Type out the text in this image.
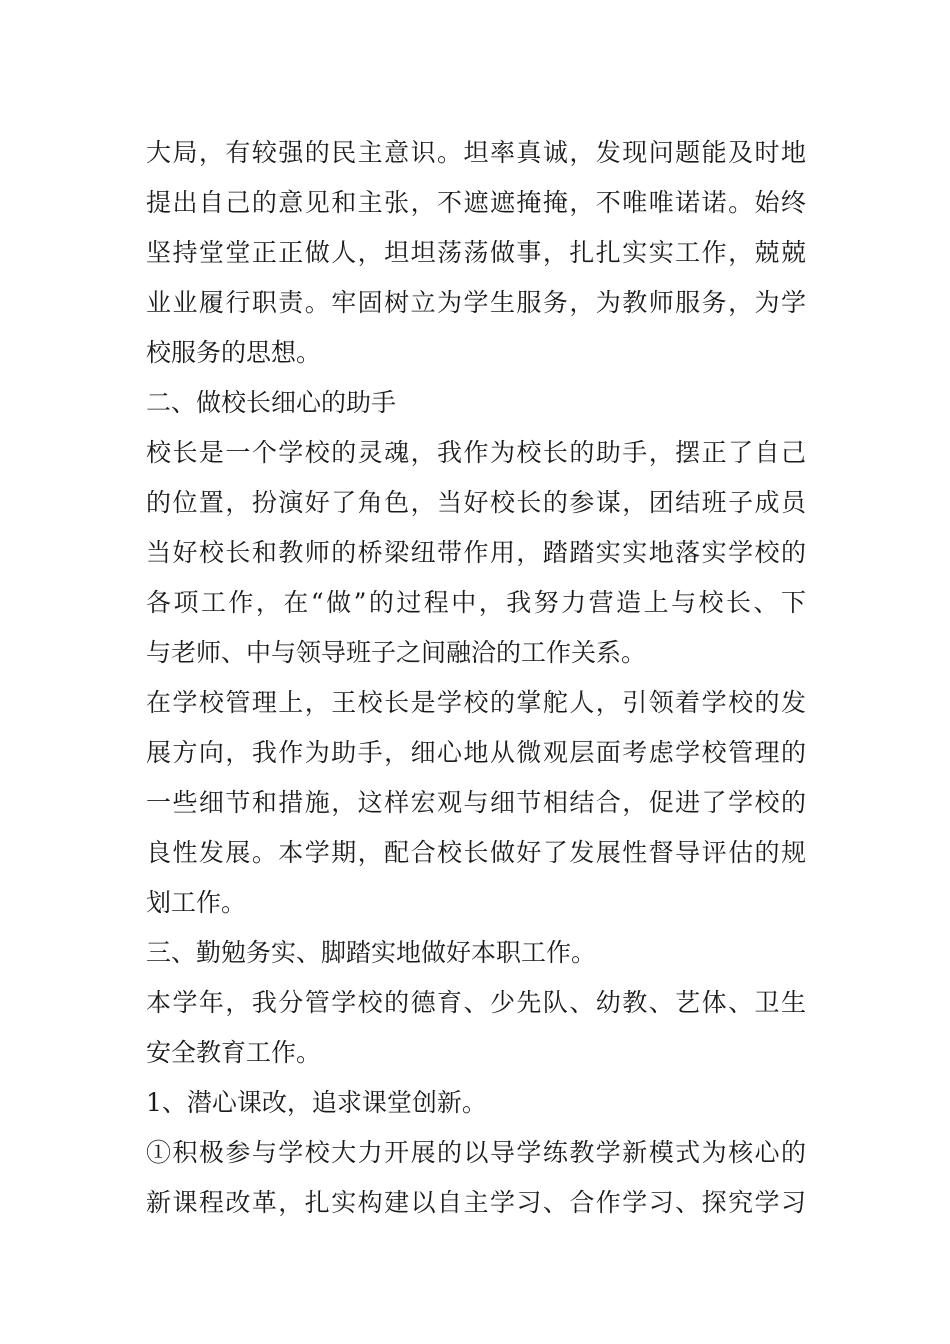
大局，有较强的民主意识。坦率真诚，发现问题能及时地
提出自己的意见和主张，不遮遮掩掩，不唯唯诺诺。始终
坚持堂堂正正做人，坦坦荡荡做事，扎扎实实工作，兢兢
业业履行职责。牢固树立为学生服务，为教师服务，为学
校服务的思想。
二、做校长细心的助手
校长是一个学校的灵魂，我作为校长的助手，摆正了自己
的位置，扮演好了角色，当好校长的参谋，团结班子成员
当好校长和教师的桥梁纽带作用，踏踏实实地落实学校的
各项工作，在“做”的过程中，我努力营造上与校长、下
与老师、中与领导班子之间融洽的工作关系。
在学校管理上，王校长是学校的掌舵人，引领着学校的发
展方向，我作为助手，细心地从微观层面考虑学校管理的
一些细节和措施，这样宏观与细节相结合，促进了学校的
良性发展。本学期，配合校长做好了发展性督导评估的规
划工作。
三、勤勉务实、脚踏实地做好本职工作。
本学年，我分管学校的德育、少先队、幼教、艺体、卫生
安全教育工作。
1、潜心课改，追求课堂创新。
①积极参与学校大力开展的以导学练教学新模式为核心的
新课程改革，扎实构建以自主学习、合作学习、探究学习
